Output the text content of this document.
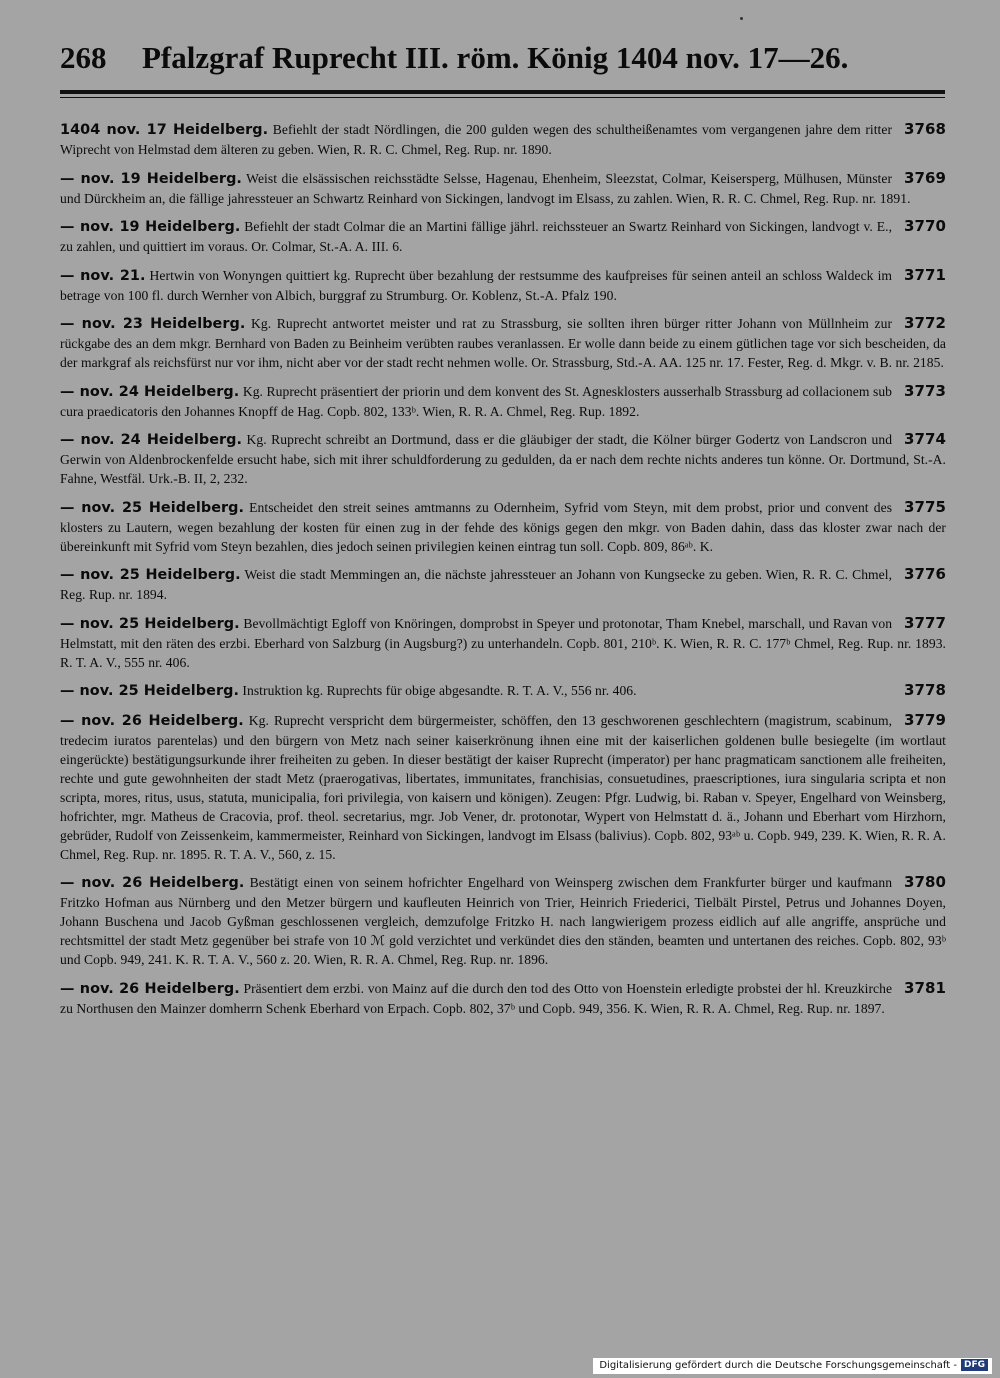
268 Pfalzgraf Ruprecht III. röm. König 1404 nov. 17—26.
3768
1404 nov. 17 Heidelberg. Befiehlt der stadt Nördlingen, die 200 gulden wegen des schultheißenamtes vom vergangenen jahre dem ritter Wiprecht von Helmstad dem älteren zu geben. Wien, R. R. C. Chmel, Reg. Rup. nr. 1890.
3769
— nov. 19 Heidelberg. Weist die elsässischen reichsstädte Selsse, Hagenau, Ehenheim, Sleezstat, Colmar, Keisersperg, Mülhusen, Münster und Dürckheim an, die fällige jahressteuer an Schwartz Reinhard von Sickingen, landvogt im Elsass, zu zahlen. Wien, R. R. C. Chmel, Reg. Rup. nr. 1891.
3770
— nov. 19 Heidelberg. Befiehlt der stadt Colmar die an Martini fällige jährl. reichssteuer an Swartz Reinhard von Sickingen, landvogt v. E., zu zahlen, und quittiert im voraus. Or. Colmar, St.-A. A. III. 6.
3771
— nov. 21. Hertwin von Wonyngen quittiert kg. Ruprecht über bezahlung der restsumme des kaufpreises für seinen anteil an schloss Waldeck im betrage von 100 fl. durch Wernher von Albich, burggraf zu Strumburg. Or. Koblenz, St.-A. Pfalz 190.
3772
— nov. 23 Heidelberg. Kg. Ruprecht antwortet meister und rat zu Strassburg, sie sollten ihren bürger ritter Johann von Müllnheim zur rückgabe des an dem mkgr. Bernhard von Baden zu Beinheim verübten raubes veranlassen. Er wolle dann beide zu einem gütlichen tage vor sich bescheiden, da der markgraf als reichsfürst nur vor ihm, nicht aber vor der stadt recht nehmen wolle. Or. Strassburg, Std.-A. AA. 125 nr. 17. Fester, Reg. d. Mkgr. v. B. nr. 2185.
3773
— nov. 24 Heidelberg. Kg. Ruprecht präsentiert der priorin und dem konvent des St. Agnesklosters ausserhalb Strassburg ad collacionem sub cura praedicatoris den Johannes Knopff de Hag. Copb. 802, 133ᵇ. Wien, R. R. A. Chmel, Reg. Rup. 1892.
3774
— nov. 24 Heidelberg. Kg. Ruprecht schreibt an Dortmund, dass er die gläubiger der stadt, die Kölner bürger Godertz von Landscron und Gerwin von Aldenbrockenfelde ersucht habe, sich mit ihrer schuldforderung zu gedulden, da er nach dem rechte nichts anderes tun könne. Or. Dortmund, St.-A. Fahne, Westfäl. Urk.-B. II, 2, 232.
3775
— nov. 25 Heidelberg. Entscheidet den streit seines amtmanns zu Odernheim, Syfrid vom Steyn, mit dem probst, prior und convent des klosters zu Lautern, wegen bezahlung der kosten für einen zug in der fehde des königs gegen den mkgr. von Baden dahin, dass das kloster zwar nach der übereinkunft mit Syfrid vom Steyn bezahlen, dies jedoch seinen privilegien keinen eintrag tun soll. Copb. 809, 86ᵃᵇ. K.
3776
— nov. 25 Heidelberg. Weist die stadt Memmingen an, die nächste jahressteuer an Johann von Kungsecke zu geben. Wien, R. R. C. Chmel, Reg. Rup. nr. 1894.
3777
— nov. 25 Heidelberg. Bevollmächtigt Egloff von Knöringen, domprobst in Speyer und protonotar, Tham Knebel, marschall, und Ravan von Helmstatt, mit den räten des erzbi. Eberhard von Salzburg (in Augsburg?) zu unterhandeln. Copb. 801, 210ᵇ. K. Wien, R. R. C. 177ᵇ Chmel, Reg. Rup. nr. 1893. R. T. A. V., 555 nr. 406.
3778
— nov. 25 Heidelberg. Instruktion kg. Ruprechts für obige abgesandte. R. T. A. V., 556 nr. 406.
3779
— nov. 26 Heidelberg. Kg. Ruprecht verspricht dem bürgermeister, schöffen, den 13 geschworenen geschlechtern (magistrum, scabinum, tredecim iuratos parentelas) und den bürgern von Metz nach seiner kaiserkrönung ihnen eine mit der kaiserlichen goldenen bulle besiegelte (im wortlaut eingerückte) bestätigungsurkunde ihrer freiheiten zu geben. In dieser bestätigt der kaiser Ruprecht (imperator) per hanc pragmaticam sanctionem alle freiheiten, rechte und gute gewohnheiten der stadt Metz (praerogativas, libertates, immunitates, franchisias, consuetudines, praescriptiones, iura singularia scripta et non scripta, mores, ritus, usus, statuta, municipalia, fori privilegia, von kaisern und königen). Zeugen: Pfgr. Ludwig, bi. Raban v. Speyer, Engelhard von Weinsberg, hofrichter, mgr. Matheus de Cracovia, prof. theol. secretarius, mgr. Job Vener, dr. protonotar, Wypert von Helmstatt d. ä., Johann und Eberhart vom Hirzhorn, gebrüder, Rudolf von Zeissenkeim, kammermeister, Reinhard von Sickingen, landvogt im Elsass (balivius). Copb. 802, 93ᵃᵇ u. Copb. 949, 239. K. Wien, R. R. A. Chmel, Reg. Rup. nr. 1895. R. T. A. V., 560, z. 15.
3780
— nov. 26 Heidelberg. Bestätigt einen von seinem hofrichter Engelhard von Weinsperg zwischen dem Frankfurter bürger und kaufmann Fritzko Hofman aus Nürnberg und den Metzer bürgern und kaufleuten Heinrich von Trier, Heinrich Friederici, Tielbält Pirstel, Petrus und Johannes Doyen, Johann Buschena und Jacob Gyßman geschlossenen vergleich, demzufolge Fritzko H. nach langwierigem prozess eidlich auf alle angriffe, ansprüche und rechtsmittel der stadt Metz gegenüber bei strafe von 10 ℳ gold verzichtet und verkündet dies den ständen, beamten und untertanen des reiches. Copb. 802, 93ᵇ und Copb. 949, 241. K. R. T. A. V., 560 z. 20. Wien, R. R. A. Chmel, Reg. Rup. nr. 1896.
3781
— nov. 26 Heidelberg. Präsentiert dem erzbi. von Mainz auf die durch den tod des Otto von Hoenstein erledigte probstei der hl. Kreuzkirche zu Northusen den Mainzer domherrn Schenk Eberhard von Erpach. Copb. 802, 37ᵇ und Copb. 949, 356. K. Wien, R. R. A. Chmel, Reg. Rup. nr. 1897.
Digitalisierung gefördert durch die Deutsche Forschungsgemeinschaft - DFG
